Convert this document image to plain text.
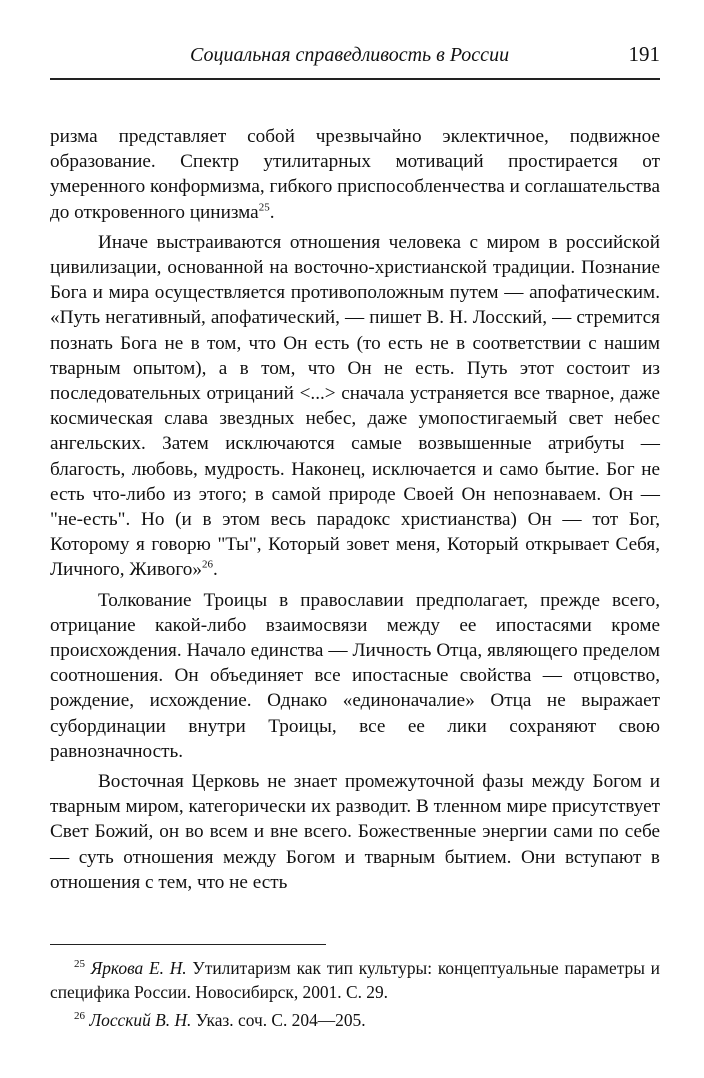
Социальная справедливость в России	191

ризма представляет собой чрезвычайно эклектичное, подвижное образование. Спектр утилитарных мотиваций простирается от умеренного конформизма, гибкого приспособленчества и соглашательства до откровенного цинизма$^{25}$.

Иначе выстраиваются отношения человека с миром в российской цивилизации, основанной на восточно-христианской традиции. Познание Бога и мира осуществляется противоположным путем — апофатическим. «Путь негативный, апофатический, — пишет В. Н. Лосский, — стремится познать Бога не в том, что Он есть (то есть не в соответствии с нашим тварным опытом), а в том, что Он не есть. Путь этот состоит из последовательных отрицаний <...> сначала устраняется все тварное, даже космическая слава звездных небес, даже умопостигаемый свет небес ангельских. Затем исключаются самые возвышенные атрибуты — благость, любовь, мудрость. Наконец, исключается и само бытие. Бог не есть что-либо из этого; в самой природе Своей Он непознаваем. Он — "не-есть". Но (и в этом весь парадокс христианства) Он — тот Бог, Которому я говорю "Ты", Который зовет меня, Который открывает Себя, Личного, Живого»$^{26}$.

Толкование Троицы в православии предполагает, прежде всего, отрицание какой-либо взаимосвязи между ее ипостасями кроме происхождения. Начало единства — Личность Отца, являющего пределом соотношения. Он объединяет все ипостасные свойства — отцовство, рождение, исхождение. Однако «единоначалие» Отца не выражает субординации внутри Троицы, все ее лики сохраняют свою равнозначность.

Восточная Церковь не знает промежуточной фазы между Богом и тварным миром, категорически их разводит. В тленном мире присутствует Свет Божий, он во всем и вне всего. Божественные энергии сами по себе — суть отношения между Богом и тварным бытием. Они вступают в отношения с тем, что не есть

$^{25}$ Яркова Е. Н. Утилитаризм как тип культуры: концептуальные параметры и специфика России. Новосибирск, 2001. С. 29.

$^{26}$ Лосский В. Н. Указ. соч. С. 204—205.
